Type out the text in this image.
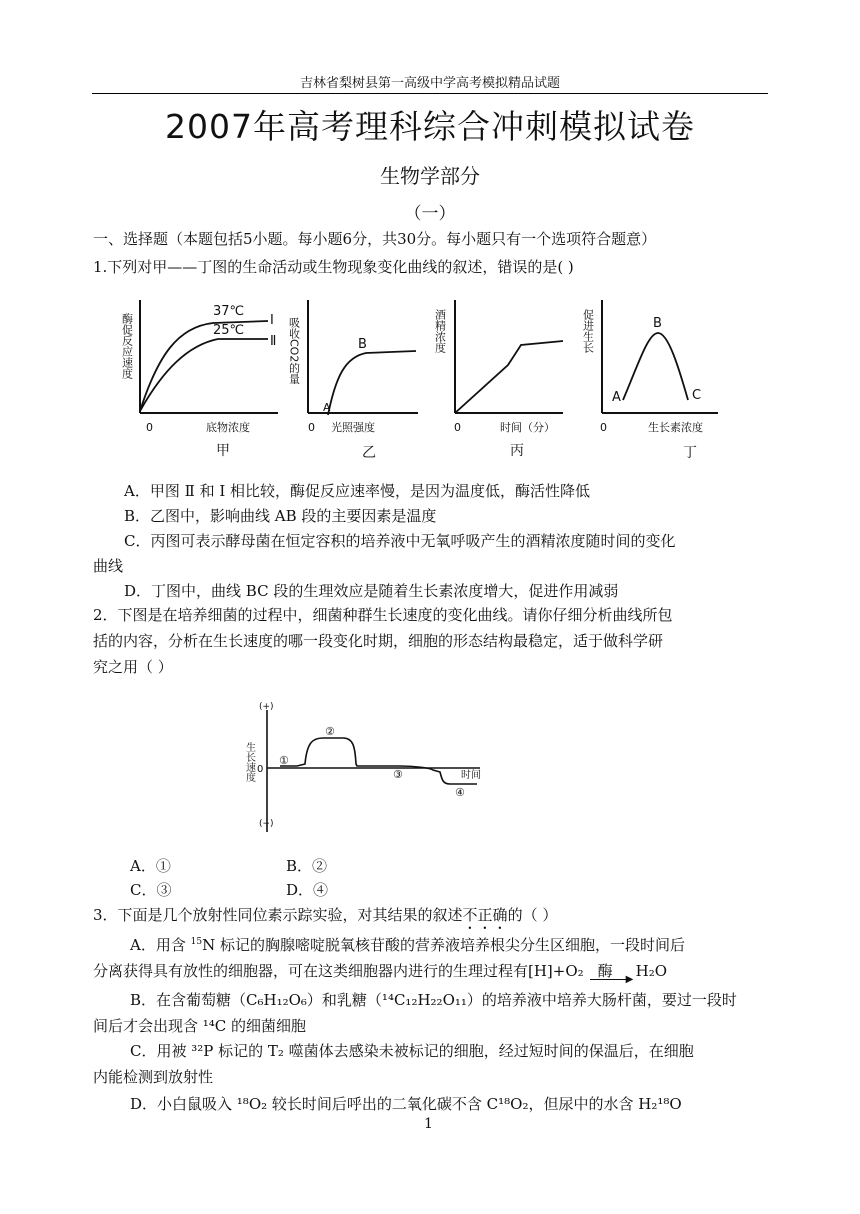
吉林省梨树县第一高级中学高考模拟精品试题
2007年高考理科综合冲刺模拟试卷
生物学部分
（一）
一、选择题（本题包括5小题。每小题6分，共30分。每小题只有一个选项符合题意）
1.下列对甲——丁图的生命活动或生物现象变化曲线的叙述，错误的是( )
酶促反应速度
37℃
25℃
Ⅰ
Ⅱ
0	底物浓度
甲
吸收CO2的量
A
B
0 光照强度
乙
酒精浓度
0	时间（分）
丙
促进生长
A
B
C
0	生长素浓度
丁
A．甲图 Ⅱ 和 Ⅰ 相比较，酶促反应速率慢，是因为温度低，酶活性降低
B．乙图中，影响曲线 AB 段的主要因素是温度
C．丙图可表示酵母菌在恒定容积的培养液中无氧呼吸产生的酒精浓度随时间的变化
曲线
D．丁图中，曲线 BC 段的生理效应是随着生长素浓度增大，促进作用减弱
2．下图是在培养细菌的过程中，细菌种群生长速度的变化曲线。请你仔细分析曲线所包
括的内容，分析在生长速度的哪一段变化时期，细胞的形态结构最稳定，适于做科学研
究之用（ ）
(+)
(−)
生长速度 0
①
②
③
④
时间
A．①	B．②
C．③	D．④
3．下面是几个放射性同位素示踪实验，对其结果的叙述不正确的（ ）
A．用含 $^{15}$N 标记的胸腺嘧啶脱氧核苷酸的营养液培养根尖分生区细胞，一段时间后
分离获得具有放性的细胞器，可在这类细胞器内进行的生理过程有[H]+O₂ 酶 ▶ H₂O
B．在含葡萄糖（C₆H₁₂O₆）和乳糖（¹⁴C₁₂H₂₂O₁₁）的培养液中培养大肠杆菌，要过一段时
间后才会出现含 ¹⁴C 的细菌细胞
C．用被 ³²P 标记的 T₂ 噬菌体去感染未被标记的细胞，经过短时间的保温后，在细胞
内能检测到放射性
D．小白鼠吸入 ¹⁸O₂ 较长时间后呼出的二氧化碳不含 C¹⁸O₂，但尿中的水含 H₂¹⁸O
1
